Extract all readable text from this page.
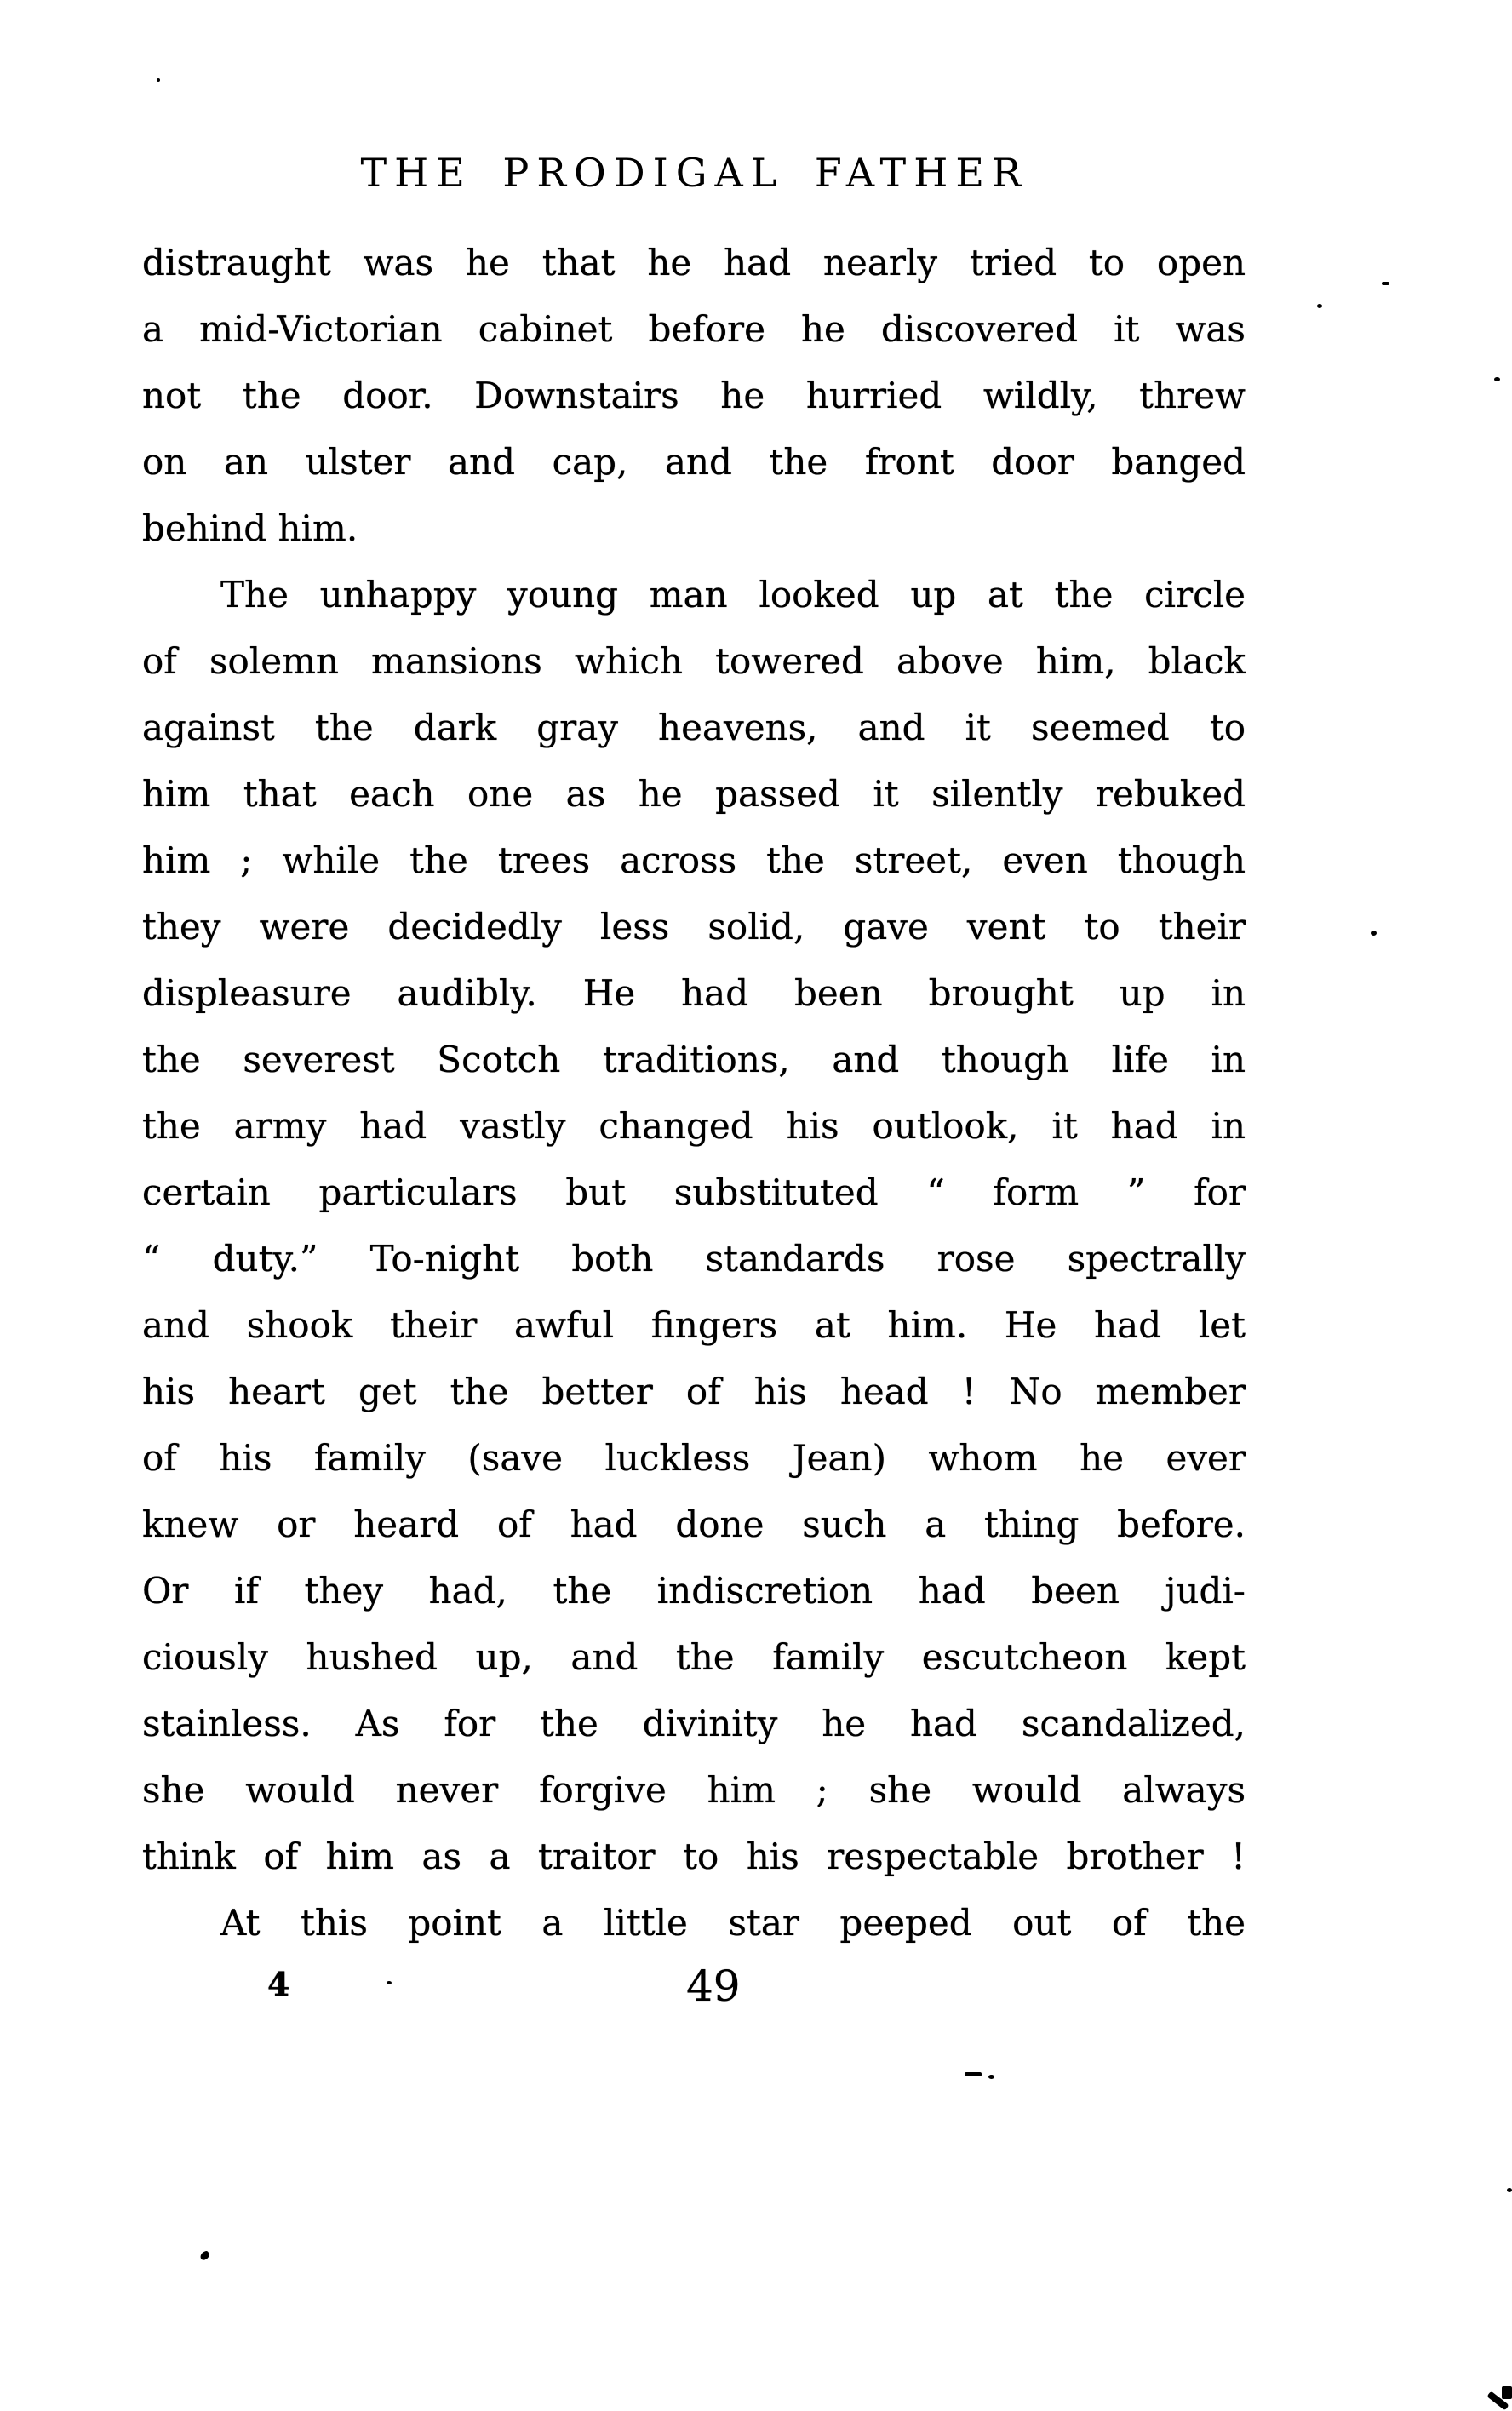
THE PRODIGAL FATHER
distraught was he that he had nearly tried to open
a mid-Victorian cabinet before he discovered it was
not the door. Downstairs he hurried wildly, threw
on an ulster and cap, and the front door banged
behind him.
The unhappy young man looked up at the circle
of solemn mansions which towered above him, black
against the dark gray heavens, and it seemed to
him that each one as he passed it silently rebuked
him ; while the trees across the street, even though
they were decidedly less solid, gave vent to their
displeasure audibly. He had been brought up in
the severest Scotch traditions, and though life in
the army had vastly changed his outlook, it had in
certain particulars but substituted “ form ” for
“ duty.” To-night both standards rose spectrally
and shook their awful fingers at him. He had let
his heart get the better of his head ! No member
of his family (save luckless Jean) whom he ever
knew or heard of had done such a thing before.
Or if they had, the indiscretion had been judi-
ciously hushed up, and the family escutcheon kept
stainless. As for the divinity he had scandalized,
she would never forgive him ; she would always
think of him as a traitor to his respectable brother !
At this point a little star peeped out of the
4	49
